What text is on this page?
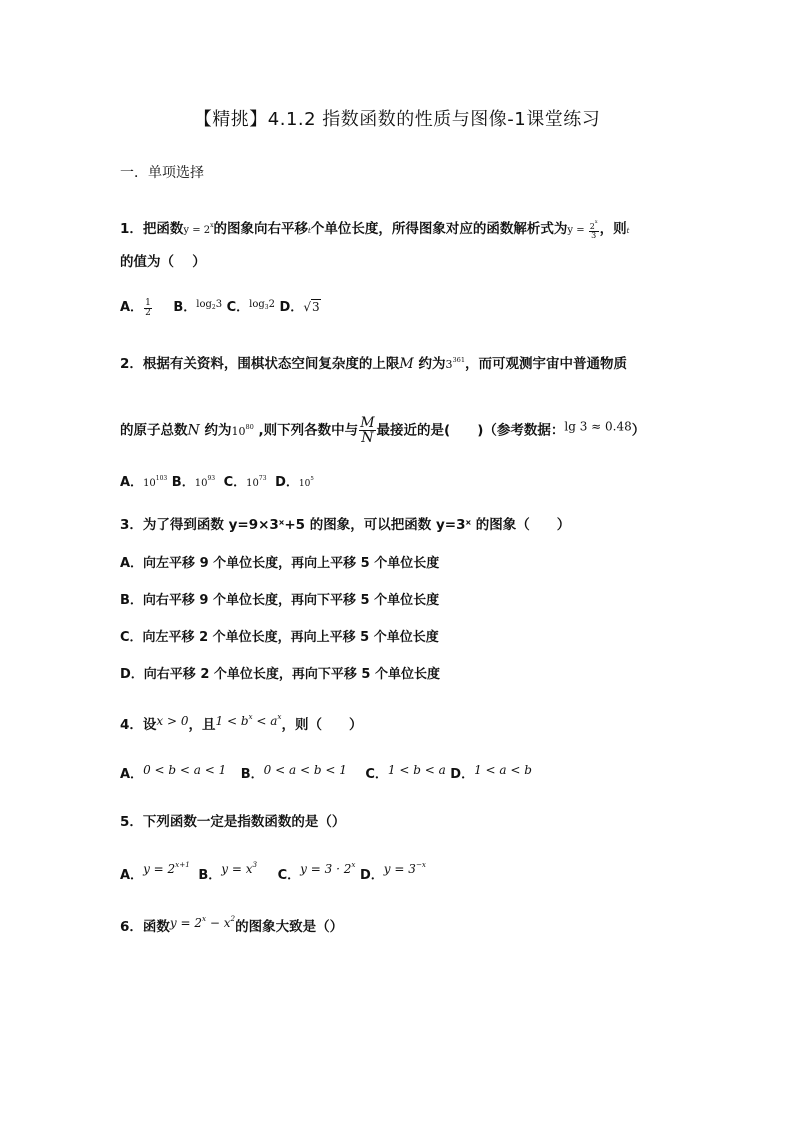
【精挑】4.1.2 指数函数的性质与图像-1课堂练习
一．单项选择
1．把函数$y = 2^x$的图象向右平移t个单位长度，所得图象对应的函数解析式为$y = \frac{2^x}{3}$ ，则t
的值为（　 ）
A． $\frac{1}{2}$ B．$^{log_23}$ C．$^{log_32}$ D．√3
2．根据有关资料，围棋状态空间复杂度的上限M 约为$3^{361}$，而可观测宇宙中普通物质
的原子总数N 约为$10^{80}$ ,则下列各数中与 $\frac{M}{N}$ 最接近的是(　　)（参考数据：lg 3 ≈ 0.48）
A．$10^{103}$ B．$10^{93}$ C．$10^{73}$ D．$10^5$
3．为了得到函数 y=9×3ˣ+5 的图象，可以把函数 y=3ˣ 的图象（　　）
A．向左平移 9 个单位长度，再向上平移 5 个单位长度
B．向右平移 9 个单位长度，再向下平移 5 个单位长度
C．向左平移 2 个单位长度，再向上平移 5 个单位长度
D．向右平移 2 个单位长度，再向下平移 5 个单位长度
4．设x > 0，且$1 < b^x < a^x$，则（　　）
A．0 < b < a < 1 B．0 < a < b < 1 C．1 < b < a D．1 < a < b
5．下列函数一定是指数函数的是（）
A．$y = 2^{x+1}$ B．$y = x^3$ C．$y = 3 \cdot 2^x$ D．$y = 3^{-x}$
6．函数$y = 2^x - x^2$的图象大致是（）
